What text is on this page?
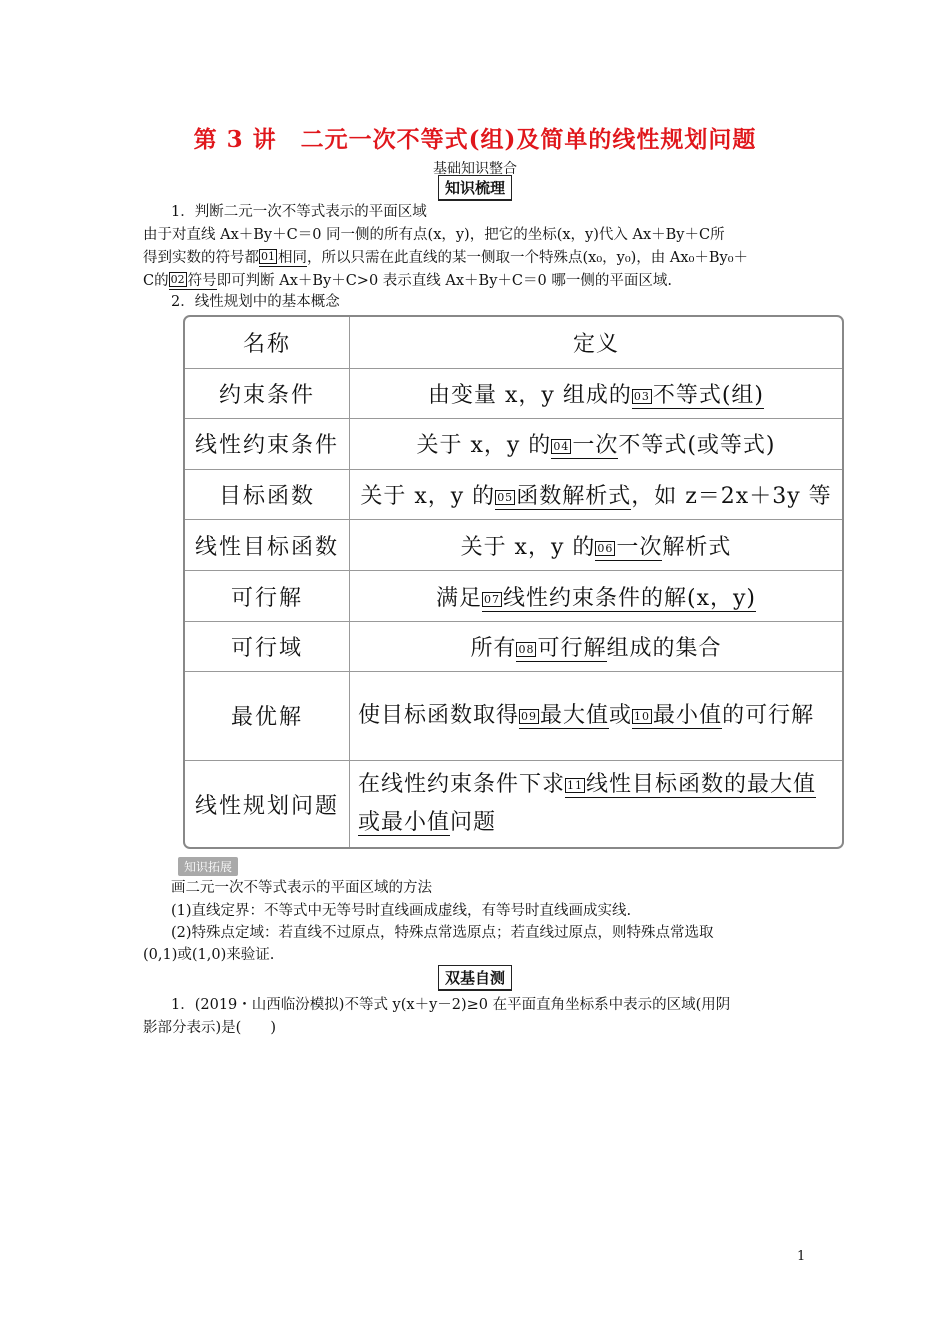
第 3 讲　二元一次不等式(组)及简单的线性规划问题
基础知识整合
知识梳理
1．判断二元一次不等式表示的平面区域
由于对直线 Ax＋By＋C＝0 同一侧的所有点(x，y)，把它的坐标(x，y)代入 Ax＋By＋C所
得到实数的符号都 01 相同，所以只需在此直线的某一侧取一个特殊点(x₀，y₀)，由 Ax₀＋By₀＋
C的 02 符号即可判断 Ax＋By＋C>0 表示直线 Ax＋By＋C＝0 哪一侧的平面区域.
2．线性规划中的基本概念
名称	定义
约束条件	由变量 x，y 组成的 03 不等式(组)
线性约束条件	关于 x，y 的 04 一次不等式(或等式)
目标函数	关于 x，y 的 05 函数解析式，如 z＝2x＋3y 等
线性目标函数	关于 x，y 的 06 一次解析式
可行解	满足 07 线性约束条件的解(x，y)
可行域	所有 08 可行解组成的集合
最优解	使目标函数取得 09 最大值或 10 最小值的可行解
线性规划问题	在线性约束条件下求 11 线性目标函数的最大值或最小值问题
知识拓展
画二元一次不等式表示的平面区域的方法
(1)直线定界：不等式中无等号时直线画成虚线，有等号时直线画成实线.
(2)特殊点定域：若直线不过原点，特殊点常选原点；若直线过原点，则特殊点常选取
(0,1)或(1,0)来验证.
双基自测
1．(2019・山西临汾模拟)不等式 y(x＋y－2)≥0 在平面直角坐标系中表示的区域(用阴
影部分表示)是(　　)
1
